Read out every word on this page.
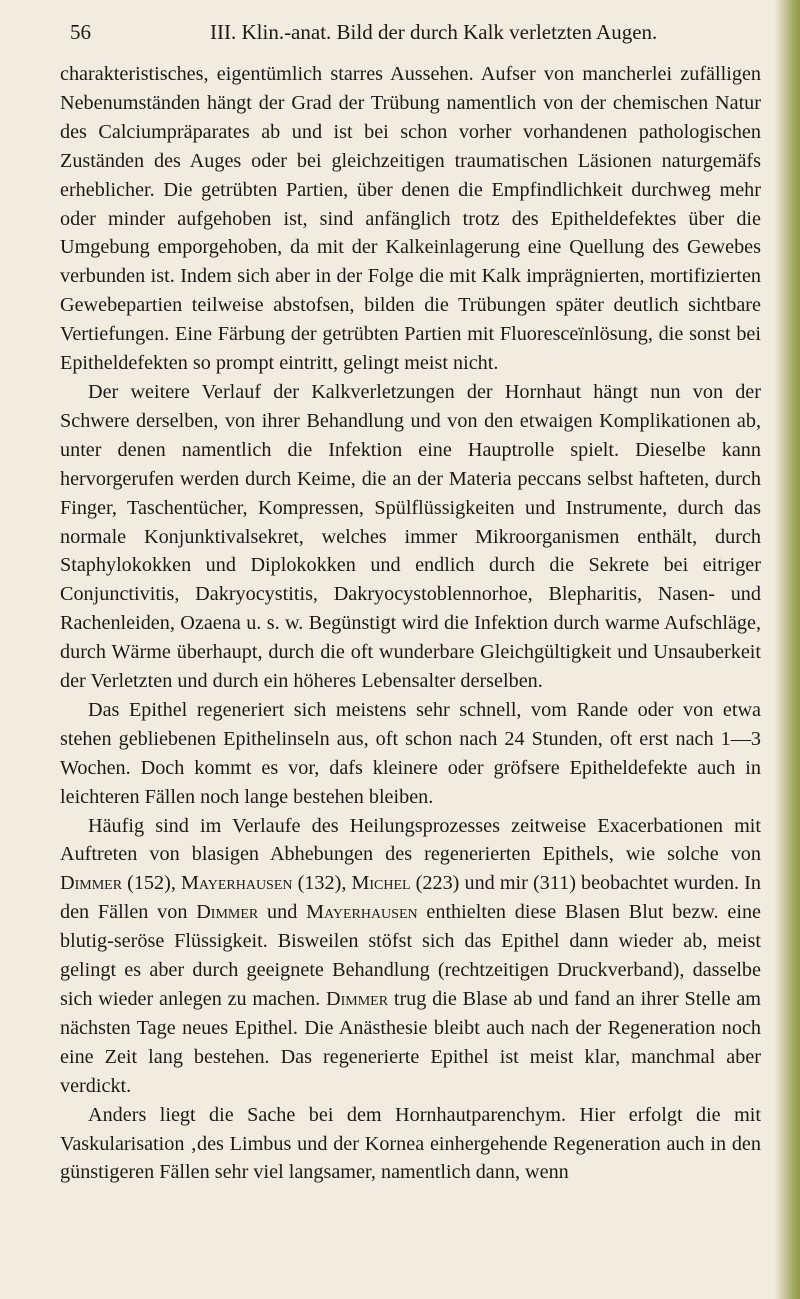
56	III. Klin.-anat. Bild der durch Kalk verletzten Augen.

charakteristisches, eigentümlich starres Aussehen. Aufser von mancherlei zufälligen Nebenumständen hängt der Grad der Trübung namentlich von der chemischen Natur des Calciumpräparates ab und ist bei schon vorher vorhandenen pathologischen Zuständen des Auges oder bei gleichzeitigen traumatischen Läsionen naturgemäfs erheblicher. Die getrübten Partien, über denen die Empfindlichkeit durchweg mehr oder minder aufgehoben ist, sind anfänglich trotz des Epitheldefektes über die Umgebung emporgehoben, da mit der Kalkeinlagerung eine Quellung des Gewebes verbunden ist. Indem sich aber in der Folge die mit Kalk imprägnierten, mortifizierten Gewebepartien teilweise abstofsen, bilden die Trübungen später deutlich sichtbare Vertiefungen. Eine Färbung der getrübten Partien mit Fluoresceïnlösung, die sonst bei Epitheldefekten so prompt eintritt, gelingt meist nicht.

Der weitere Verlauf der Kalkverletzungen der Hornhaut hängt nun von der Schwere derselben, von ihrer Behandlung und von den etwaigen Komplikationen ab, unter denen namentlich die Infektion eine Hauptrolle spielt. Dieselbe kann hervorgerufen werden durch Keime, die an der Materia peccans selbst hafteten, durch Finger, Taschentücher, Kompressen, Spülflüssigkeiten und Instrumente, durch das normale Konjunktivalsekret, welches immer Mikroorganismen enthält, durch Staphylokokken und Diplokokken und endlich durch die Sekrete bei eitriger Conjunctivitis, Dakryocystitis, Dakryocystoblennorhoe, Blepharitis, Nasen- und Rachenleiden, Ozaena u. s. w. Begünstigt wird die Infektion durch warme Aufschläge, durch Wärme überhaupt, durch die oft wunderbare Gleichgültigkeit und Unsauberkeit der Verletzten und durch ein höheres Lebensalter derselben.

Das Epithel regeneriert sich meistens sehr schnell, vom Rande oder von etwa stehen gebliebenen Epithelinseln aus, oft schon nach 24 Stunden, oft erst nach 1—3 Wochen. Doch kommt es vor, dafs kleinere oder gröfsere Epitheldefekte auch in leichteren Fällen noch lange bestehen bleiben.

Häufig sind im Verlaufe des Heilungsprozesses zeitweise Exacerbationen mit Auftreten von blasigen Abhebungen des regenerierten Epithels, wie solche von Dimmer (152), Mayerhausen (132), Michel (223) und mir (311) beobachtet wurden. In den Fällen von Dimmer und Mayerhausen enthielten diese Blasen Blut bezw. eine blutig-seröse Flüssigkeit. Bisweilen stöfst sich das Epithel dann wieder ab, meist gelingt es aber durch geeignete Behandlung (rechtzeitigen Druckverband), dasselbe sich wieder anlegen zu machen. Dimmer trug die Blase ab und fand an ihrer Stelle am nächsten Tage neues Epithel. Die Anästhesie bleibt auch nach der Regeneration noch eine Zeit lang bestehen. Das regenerierte Epithel ist meist klar, manchmal aber verdickt.

Anders liegt die Sache bei dem Hornhautparenchym. Hier erfolgt die mit Vaskularisation ‚des Limbus und der Kornea einhergehende Regeneration auch in den günstigeren Fällen sehr viel langsamer, namentlich dann, wenn
